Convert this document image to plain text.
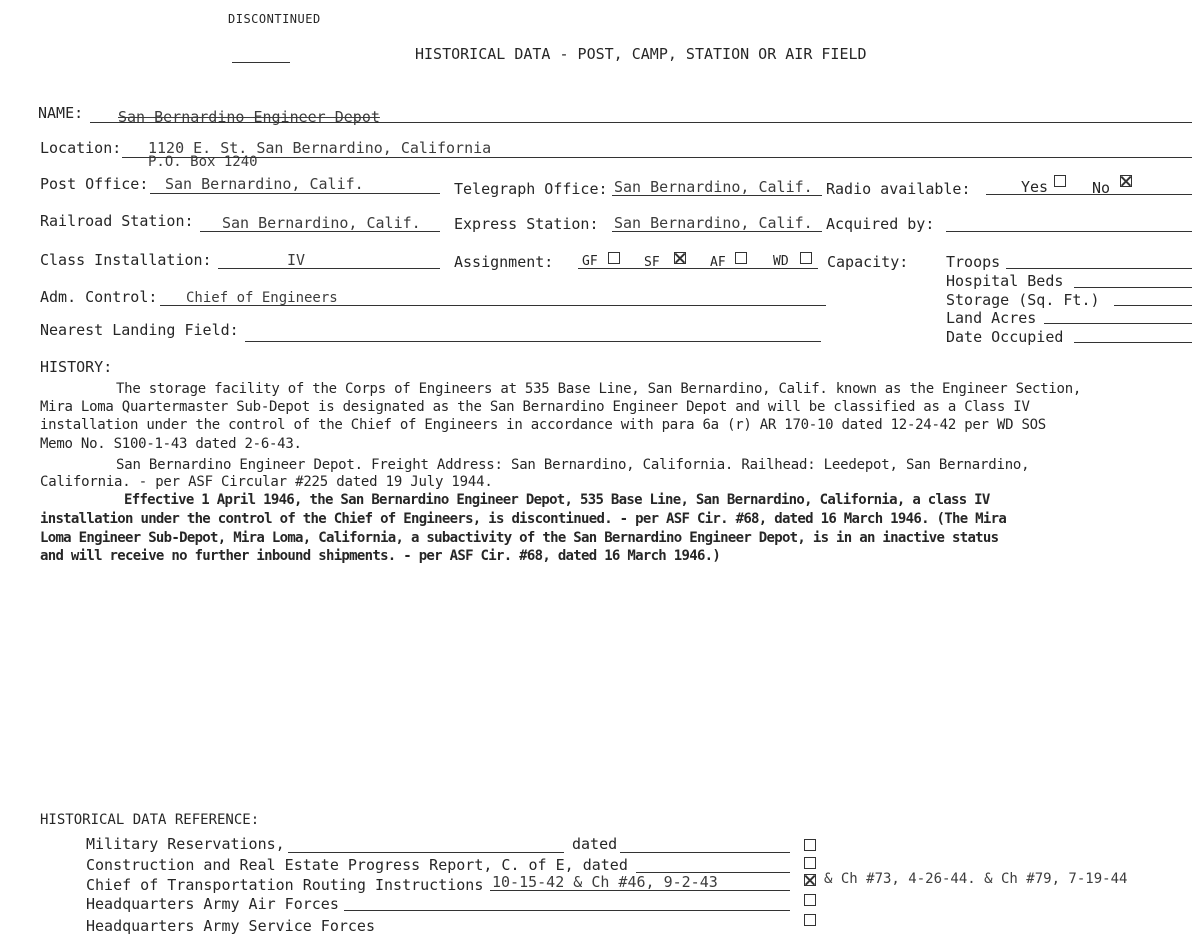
DISCONTINUED
HISTORICAL DATA - POST, CAMP, STATION OR AIR FIELD
NAME: San Bernardino Engineer Depot
Location: 1120 E. St. San Bernardino, California
P.O. Box 1240
Post Office: San Bernardino, Calif.	Telegraph Office: San Bernardino, Calif. Radio available:	Yes	No
Railroad Station: San Bernardino, Calif. Express Station: San Bernardino, Calif. Acquired by:
Class Installation:	IV	Assignment: GF	SF	AF	WD	Capacity:	Troops
Hospital Beds
Storage (Sq. Ft.)
Land Acres
Date Occupied
Adm. Control: Chief of Engineers
Nearest Landing Field:
HISTORY:
The storage facility of the Corps of Engineers at 535 Base Line, San Bernardino, Calif. known as the Engineer Section,
Mira Loma Quartermaster Sub-Depot is designated as the San Bernardino Engineer Depot and will be classified as a Class IV
installation under the control of the Chief of Engineers in accordance with para 6a (r) AR 170-10 dated 12-24-42 per WD SOS
Memo No. S100-1-43 dated 2-6-43.
San Bernardino Engineer Depot. Freight Address: San Bernardino, California. Railhead: Leedepot, San Bernardino,
California. - per ASF Circular #225 dated 19 July 1944.
Effective 1 April 1946, the San Bernardino Engineer Depot, 535 Base Line, San Bernardino, California, a class IV
installation under the control of the Chief of Engineers, is discontinued. - per ASF Cir. #68, dated 16 March 1946. (The Mira
Loma Engineer Sub-Depot, Mira Loma, California, a subactivity of the San Bernardino Engineer Depot, is in an inactive status
and will receive no further inbound shipments. - per ASF Cir. #68, dated 16 March 1946.)
HISTORICAL DATA REFERENCE:
Military Reservations,	dated
Construction and Real Estate Progress Report, C. of E, dated
Chief of Transportation Routing Instructions 10-15-42 & Ch #46, 9-2-43	& Ch #73, 4-26-44. & Ch #79, 7-19-44
Headquarters Army Air Forces
Headquarters Army Service Forces
